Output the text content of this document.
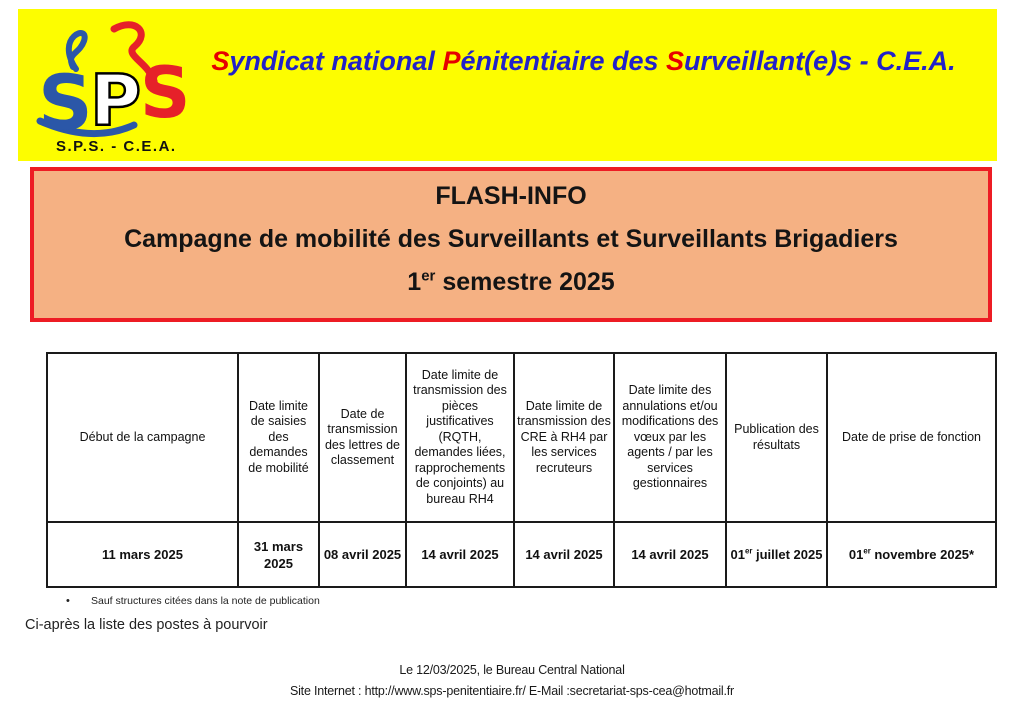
S
P
S
S.P.S. - C.E.A.
Syndicat national Pénitentiaire des Surveillant(e)s - C.E.A.
FLASH-INFO
Campagne de mobilité des Surveillants et Surveillants Brigadiers
1er semestre 2025
Début de la campagne	Date limite de saisies des demandes de mobilité	Date de transmission des lettres de classement	Date limite de transmission des pièces justificatives (RQTH, demandes liées, rapprochements de conjoints) au bureau RH4	Date limite de transmission des CRE à RH4 par les services recruteurs	Date limite des annulations et/ou modifications des vœux par les agents / par les services gestionnaires	Publication des résultats	Date de prise de fonction
11 mars 2025	31 mars 2025	08 avril 2025	14 avril 2025	14 avril 2025	14 avril 2025	01er juillet 2025	01er novembre 2025*
• Sauf structures citées dans la note de publication
Ci-après la liste des postes à pourvoir
Le 12/03/2025, le Bureau Central National
Site Internet : http://www.sps-penitentiaire.fr/ E-Mail :secretariat-sps-cea@hotmail.fr
